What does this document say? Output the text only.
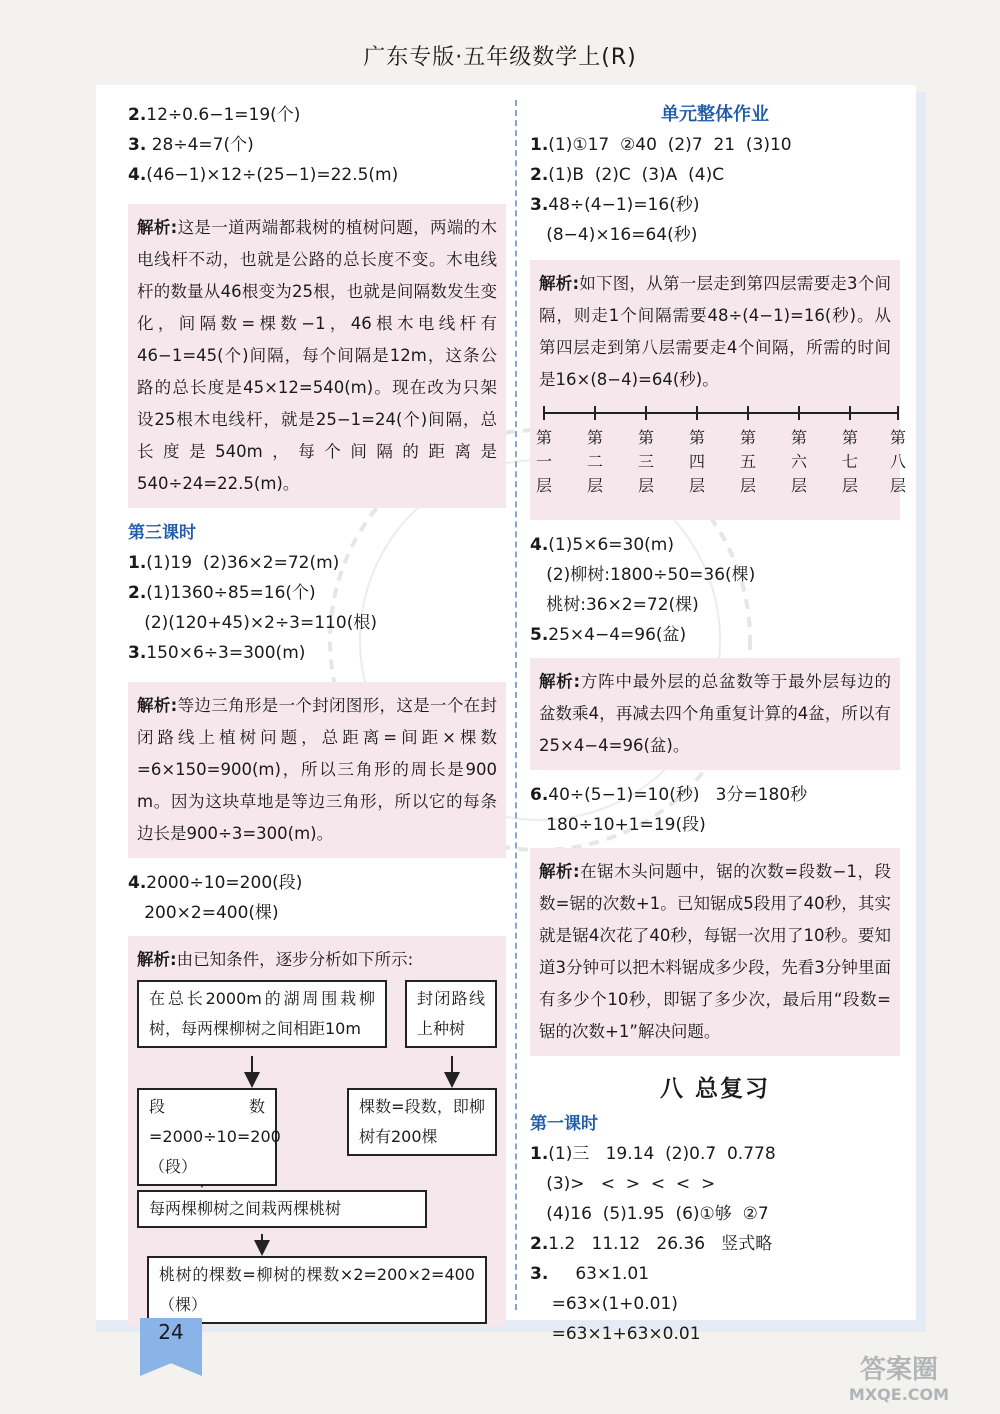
广东专版·五年级数学上(R)
2.12÷0.6−1=19(个)
3. 28÷4=7(个)
4.(46−1)×12÷(25−1)=22.5(m)
解析:这是一道两端都栽树的植树问题，两端的木电线杆不动，也就是公路的总长度不变。木电线杆的数量从46根变为25根，也就是间隔数发生变化，间隔数=棵数−1，46根木电线杆有46−1=45(个)间隔，每个间隔是12m，这条公路的总长度是45×12=540(m)。现在改为只架设25根木电线杆，就是25−1=24(个)间隔，总长度是540m，每个间隔的距离是540÷24=22.5(m)。
第三课时
1.(1)19  (2)36×2=72(m)
2.(1)1360÷85=16(个)
(2)(120+45)×2÷3=110(根)
3.150×6÷3=300(m)
解析:等边三角形是一个封闭图形，这是一个在封闭路线上植树问题，总距离=间距×棵数=6×150=900(m)，所以三角形的周长是900 m。因为这块草地是等边三角形，所以它的每条边长是900÷3=300(m)。
4.2000÷10=200(段)
200×2=400(棵)
解析:由已知条件，逐步分析如下所示:
在总长2000m的湖周围栽柳树，每两棵柳树之间相距10m
封闭路线上种树
段数=2000÷10=200（段）
棵数=段数，即柳树有200棵
每两棵柳树之间栽两棵桃树
桃树的棵数=柳树的棵数×2=200×2=400（棵）
单元整体作业
1.(1)①17  ②40  (2)7  21  (3)10
2.(1)B  (2)C  (3)A  (4)C
3.48÷(4−1)=16(秒)
(8−4)×16=64(秒)
解析:如下图，从第一层走到第四层需要走3个间隔，则走1个间隔需要48÷(4−1)=16(秒)。从第四层走到第八层需要走4个间隔，所需的时间是16×(8−4)=64(秒)。
第
一
层
第
二
层
第
三
层
第
四
层
第
五
层
第
六
层
第
七
层
第
八
层
4.(1)5×6=30(m)
(2)柳树:1800÷50=36(棵)
桃树:36×2=72(棵)
5.25×4−4=96(盆)
解析:方阵中最外层的总盆数等于最外层每边的盆数乘4，再减去四个角重复计算的4盆，所以有25×4−4=96(盆)。
6.40÷(5−1)=10(秒)   3分=180秒
180÷10+1=19(段)
解析:在锯木头问题中，锯的次数=段数−1，段数=锯的次数+1。已知锯成5段用了40秒，其实就是锯4次花了40秒，每锯一次用了10秒。要知道3分钟可以把木料锯成多少段，先看3分钟里面有多少个10秒，即锯了多少次，最后用“段数=锯的次数+1”解决问题。
八 总复习
第一课时
1.(1)三   19.14  (2)0.7̇  0.778
(3)>   <  >  <  <  >
(4)16  (5)1.95  (6)①够  ②7
2.1.2   11.12   26.3̇6̇   竖式略
3.     63×1.01
=63×(1+0.01)
=63×1+63×0.01
24
答案圈 MXQE.COM
